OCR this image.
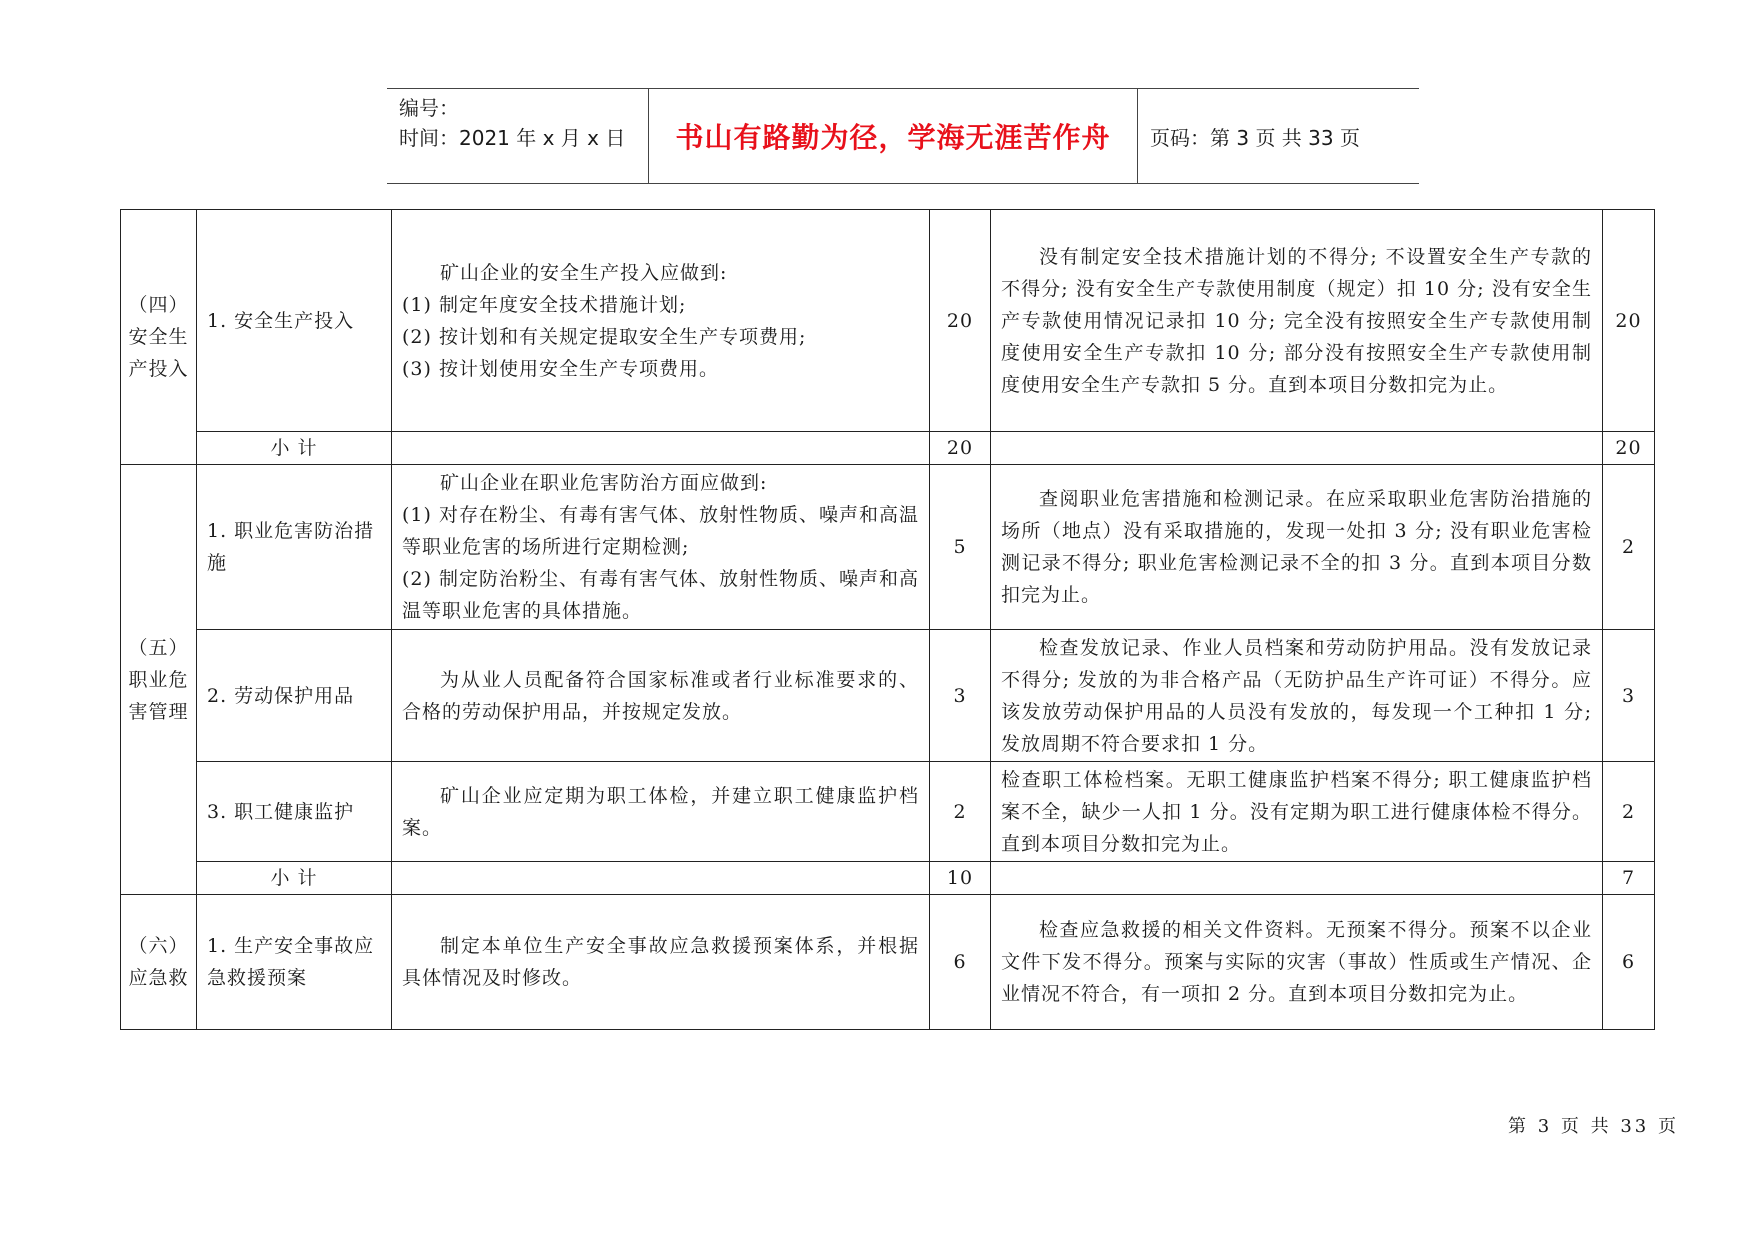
编号：
时间：2021 年 x 月 x 日	书山有路勤为径，学海无涯苦作舟	页码：第 3 页 共 33 页
（四）安全生产投入	1. 安全生产投入	矿山企业的安全生产投入应做到:
(1) 制定年度安全技术措施计划;
(2) 按计划和有关规定提取安全生产专项费用;
(3) 按计划使用安全生产专项费用。	20	没有制定安全技术措施计划的不得分; 不设置安全生产专款的不得分; 没有安全生产专款使用制度（规定）扣 10 分; 没有安全生产专款使用情况记录扣 10 分; 完全没有按照安全生产专款使用制度使用安全生产专款扣 10 分; 部分没有按照安全生产专款使用制度使用安全生产专款扣 5 分。直到本项目分数扣完为止。	20
	小 计		20		20
（五）职业危害管理	1. 职业危害防治措施	矿山企业在职业危害防治方面应做到:
(1) 对存在粉尘、有毒有害气体、放射性物质、噪声和高温等职业危害的场所进行定期检测;
(2) 制定防治粉尘、有毒有害气体、放射性物质、噪声和高温等职业危害的具体措施。	5	查阅职业危害措施和检测记录。在应采取职业危害防治措施的场所（地点）没有采取措施的，发现一处扣 3 分; 没有职业危害检测记录不得分; 职业危害检测记录不全的扣 3 分。直到本项目分数扣完为止。	2
	2. 劳动保护用品	为从业人员配备符合国家标准或者行业标准要求的、合格的劳动保护用品，并按规定发放。	3	检查发放记录、作业人员档案和劳动防护用品。没有发放记录不得分; 发放的为非合格产品（无防护品生产许可证）不得分。应该发放劳动保护用品的人员没有发放的，每发现一个工种扣 1 分; 发放周期不符合要求扣 1 分。	3
	3. 职工健康监护	矿山企业应定期为职工体检，并建立职工健康监护档案。	2	检查职工体检档案。无职工健康监护档案不得分; 职工健康监护档案不全，缺少一人扣 1 分。没有定期为职工进行健康体检不得分。直到本项目分数扣完为止。	2
	小 计		10		7
（六）应急救	1. 生产安全事故应急救援预案	制定本单位生产安全事故应急救援预案体系，并根据具体情况及时修改。	6	检查应急救援的相关文件资料。无预案不得分。预案不以企业文件下发不得分。预案与实际的灾害（事故）性质或生产情况、企业情况不符合，有一项扣 2 分。直到本项目分数扣完为止。	6
第 3 页 共 33 页
